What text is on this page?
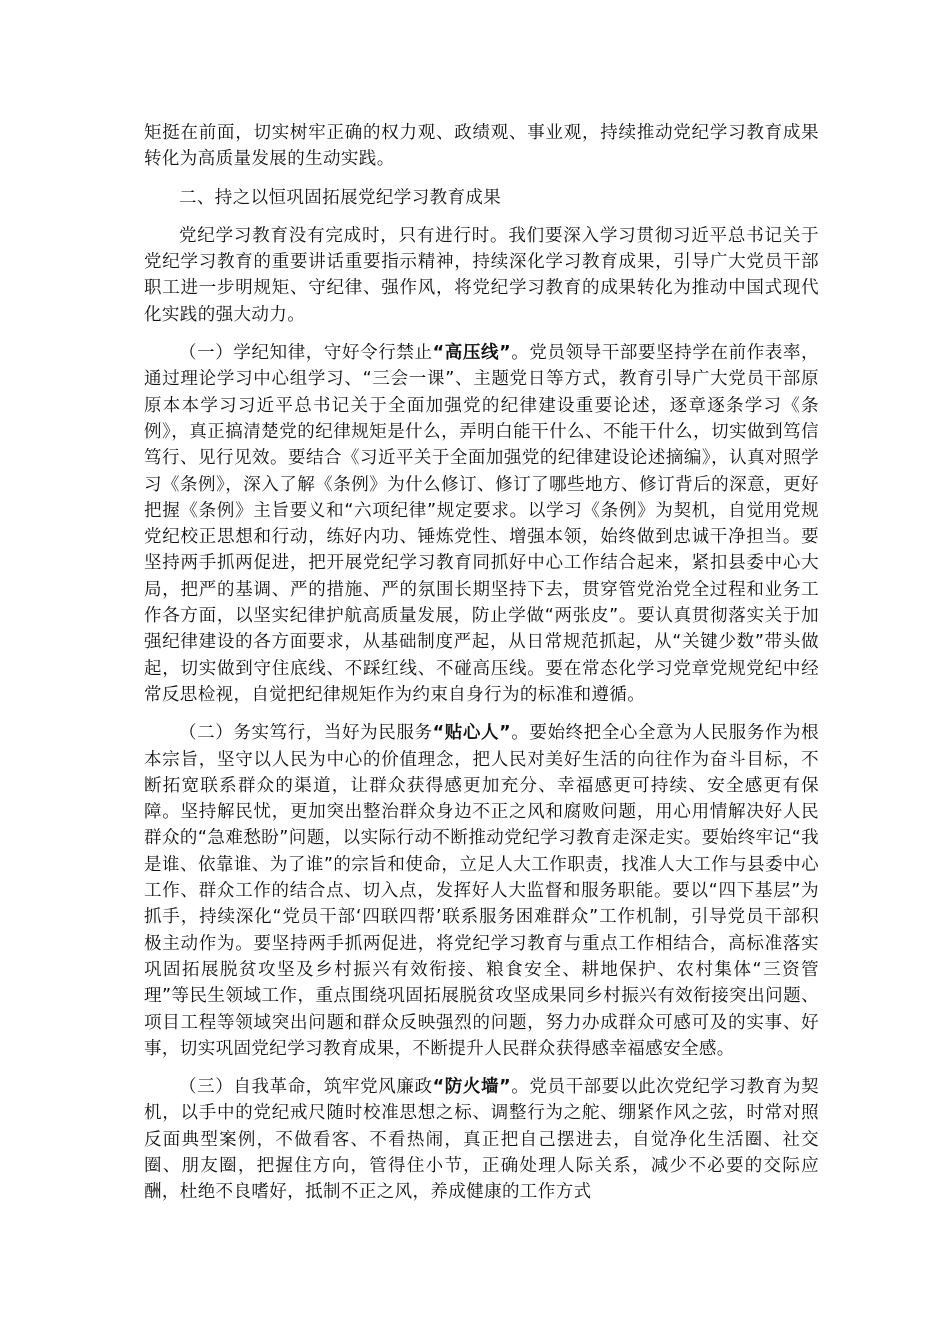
矩挺在前面，切实树牢正确的权力观、政绩观、事业观，持续推动党纪学习教育成果转化为高质量发展的生动实践。

二、持之以恒巩固拓展党纪学习教育成果

党纪学习教育没有完成时，只有进行时。我们要深入学习贯彻习近平总书记关于党纪学习教育的重要讲话重要指示精神，持续深化学习教育成果，引导广大党员干部职工进一步明规矩、守纪律、强作风，将党纪学习教育的成果转化为推动中国式现代化实践的强大动力。

（一）学纪知律，守好令行禁止“高压线”。党员领导干部要坚持学在前作表率，通过理论学习中心组学习、“三会一课”、主题党日等方式，教育引导广大党员干部原原本本学习习近平总书记关于全面加强党的纪律建设重要论述，逐章逐条学习《条例》，真正搞清楚党的纪律规矩是什么，弄明白能干什么、不能干什么，切实做到笃信笃行、见行见效。要结合《习近平关于全面加强党的纪律建设论述摘编》，认真对照学习《条例》，深入了解《条例》为什么修订、修订了哪些地方、修订背后的深意，更好把握《条例》主旨要义和“六项纪律”规定要求。以学习《条例》为契机，自觉用党规党纪校正思想和行动，练好内功、锤炼党性、增强本领，始终做到忠诚干净担当。要坚持两手抓两促进，把开展党纪学习教育同抓好中心工作结合起来，紧扣县委中心大局，把严的基调、严的措施、严的氛围长期坚持下去，贯穿管党治党全过程和业务工作各方面，以坚实纪律护航高质量发展，防止学做“两张皮”。要认真贯彻落实关于加强纪律建设的各方面要求，从基础制度严起，从日常规范抓起，从“关键少数”带头做起，切实做到守住底线、不踩红线、不碰高压线。要在常态化学习党章党规党纪中经常反思检视，自觉把纪律规矩作为约束自身行为的标准和遵循。

（二）务实笃行，当好为民服务“贴心人”。要始终把全心全意为人民服务作为根本宗旨，坚守以人民为中心的价值理念，把人民对美好生活的向往作为奋斗目标，不断拓宽联系群众的渠道，让群众获得感更加充分、幸福感更可持续、安全感更有保障。坚持解民忧，更加突出整治群众身边不正之风和腐败问题，用心用情解决好人民群众的“急难愁盼”问题，以实际行动不断推动党纪学习教育走深走实。要始终牢记“我是谁、依靠谁、为了谁”的宗旨和使命，立足人大工作职责，找准人大工作与县委中心工作、群众工作的结合点、切入点，发挥好人大监督和服务职能。要以“四下基层”为抓手，持续深化“党员干部‘四联四帮’联系服务困难群众”工作机制，引导党员干部积极主动作为。要坚持两手抓两促进，将党纪学习教育与重点工作相结合，高标准落实巩固拓展脱贫攻坚及乡村振兴有效衔接、粮食安全、耕地保护、农村集体“三资管理”等民生领域工作，重点围绕巩固拓展脱贫攻坚成果同乡村振兴有效衔接突出问题、项目工程等领域突出问题和群众反映强烈的问题，努力办成群众可感可及的实事、好事，切实巩固党纪学习教育成果，不断提升人民群众获得感幸福感安全感。

（三）自我革命，筑牢党风廉政“防火墙”。党员干部要以此次党纪学习教育为契机，以手中的党纪戒尺随时校准思想之标、调整行为之舵、绷紧作风之弦，时常对照反面典型案例，不做看客、不看热闹，真正把自己摆进去，自觉净化生活圈、社交圈、朋友圈，把握住方向，管得住小节，正确处理人际关系，减少不必要的交际应酬，杜绝不良嗜好，抵制不正之风，养成健康的工作方式
